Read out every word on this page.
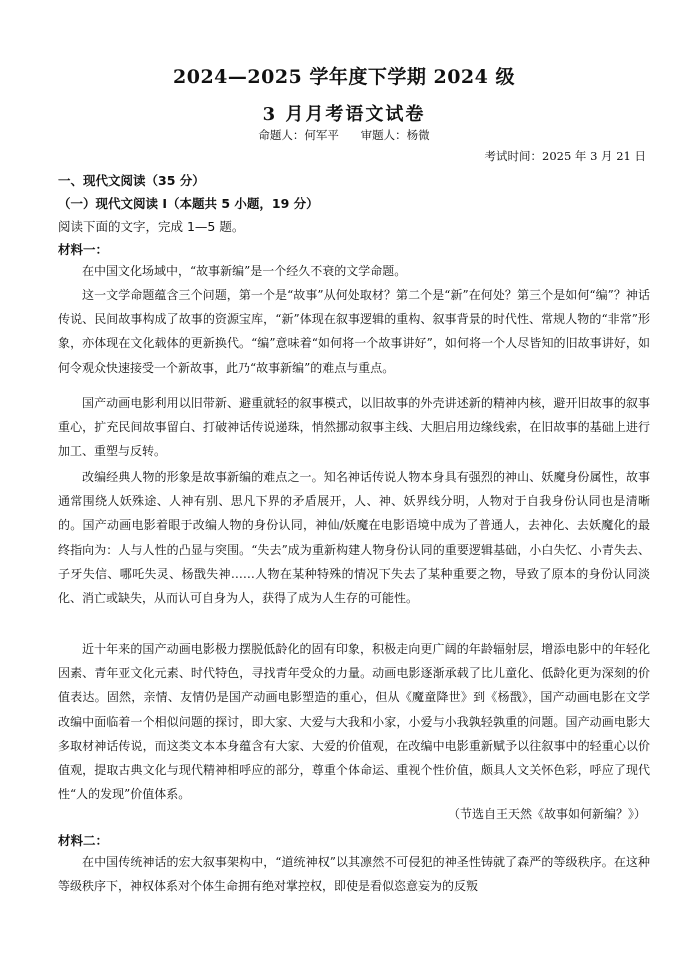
2024—2025 学年度下学期 2024 级
3 月月考语文试卷
命题人：何军平 审题人：杨微
考试时间：2025 年 3 月 21 日
一、现代文阅读（35 分）
（一）现代文阅读 I（本题共 5 小题，19 分）
阅读下面的文字，完成 1—5 题。
材料一：

在中国文化场域中，“故事新编”是一个经久不衰的文学命题。

这一文学命题蕴含三个问题，第一个是“故事”从何处取材？第二个是“新”在何处？第三个是如何“编”？神话传说、民间故事构成了故事的资源宝库，“新”体现在叙事逻辑的重构、叙事背景的时代性、常规人物的“非常”形象，亦体现在文化载体的更新换代。“编”意味着“如何将一个故事讲好”，如何将一个人尽皆知的旧故事讲好，如何令观众快速接受一个新故事，此乃“故事新编”的难点与重点。

国产动画电影利用以旧带新、避重就轻的叙事模式，以旧故事的外壳讲述新的精神内核，避开旧故事的叙事重心，扩充民间故事留白、打破神话传说递珠，悄然挪动叙事主线、大胆启用边缘线索，在旧故事的基础上进行加工、重塑与反转。

改编经典人物的形象是故事新编的难点之一。知名神话传说人物本身具有强烈的神山、妖魔身份属性，故事通常围绕人妖殊途、人神有别、思凡下界的矛盾展开，人、神、妖界线分明，人物对于自我身份认同也是清晰的。国产动画电影着眼于改编人物的身份认同，神仙/妖魔在电影语境中成为了普通人，去神化、去妖魔化的最终指向为：人与人性的凸显与突围。“失去”成为重新构建人物身份认同的重要逻辑基础，小白失忆、小青失去、子牙失信、哪吒失灵、杨戬失神……人物在某种特殊的情况下失去了某种重要之物，导致了原本的身份认同淡化、消亡或缺失，从而认可自身为人，获得了成为人生存的可能性。

近十年来的国产动画电影极力摆脱低龄化的固有印象，积极走向更广阔的年龄辐射层，增添电影中的年轻化因素、青年亚文化元素、时代特色，寻找青年受众的力量。动画电影逐渐承载了比儿童化、低龄化更为深刻的价值表达。固然，亲情、友情仍是国产动画电影塑造的重心，但从《魔童降世》到《杨戬》，国产动画电影在文学改编中面临着一个相似问题的探讨，即大家、大爱与大我和小家，小爱与小我孰轻孰重的问题。国产动画电影大多取材神话传说，而这类文本本身蕴含有大家、大爱的价值观，在改编中电影重新赋予以往叙事中的轻重心以价值观，提取古典文化与现代精神相呼应的部分，尊重个体命运、重视个性价值，颇具人文关怀色彩，呼应了现代性“人的发现”价值体系。

（节选自王天然《故事如何新编？》）
材料二：

在中国传统神话的宏大叙事架构中，“道统神权”以其凛然不可侵犯的神圣性铸就了森严的等级秩序。在这种等级秩序下，神权体系对个体生命拥有绝对掌控权，即使是看似恣意妄为的反叛
